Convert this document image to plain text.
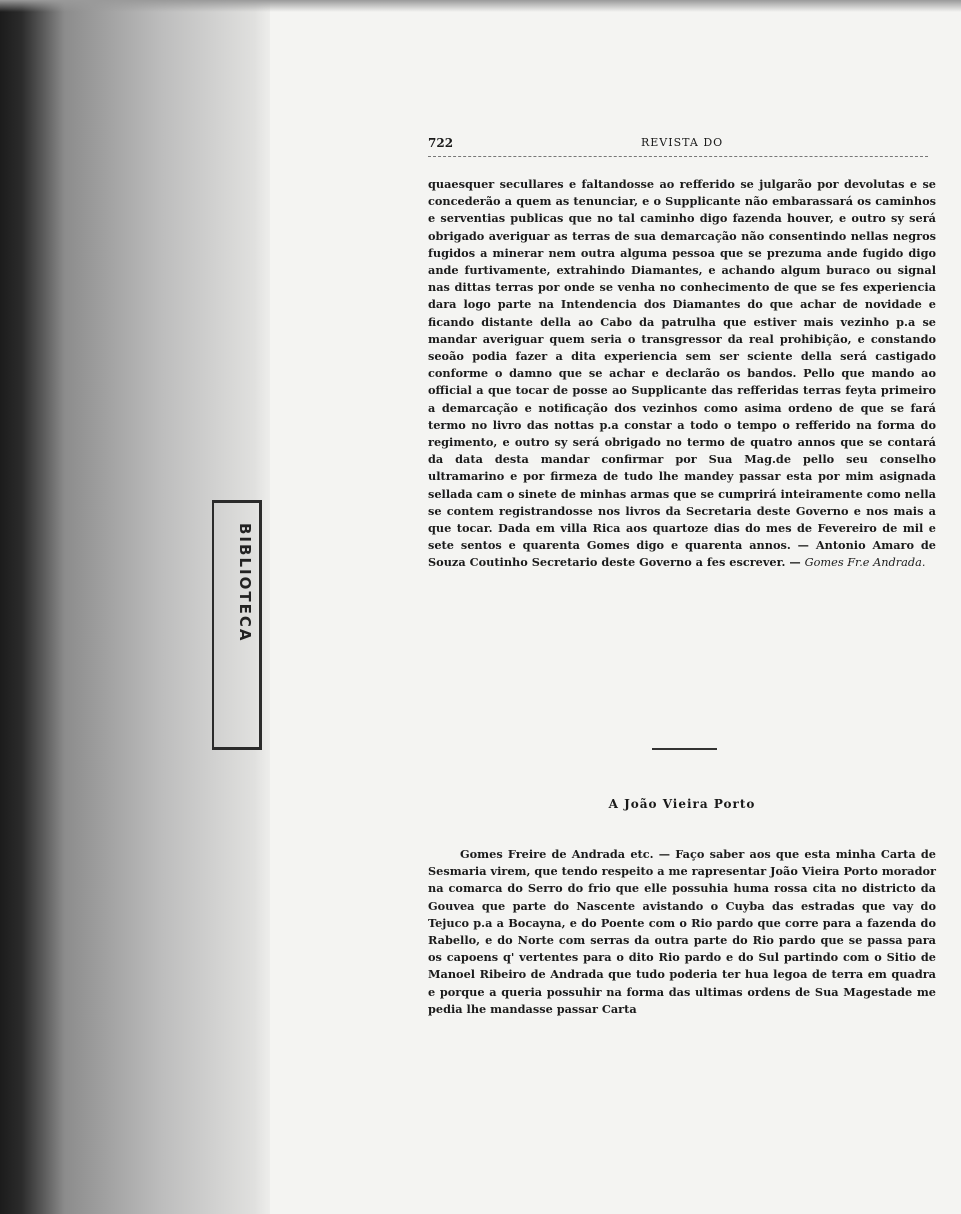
BIBLIOTECA
722	REVISTA DO

quaesquer secullares e faltandosse ao refferido se julgarão por devolutas e se concederão a quem as tenunciar, e o Supplicante não embarassará os caminhos e serventias publicas que no tal caminho digo fazenda houver, e outro sy será obrigado averiguar as terras de sua demarcação não consentindo nellas negros fugidos a minerar nem outra alguma pessoa que se prezuma ande fugido digo ande furtivamente, extrahindo Diamantes, e achando algum buraco ou signal nas dittas terras por onde se venha no conhecimento de que se fes experiencia dara logo parte na Intendencia dos Diamantes do que achar de novidade e ficando distante della ao Cabo da patrulha que estiver mais vezinho p.a se mandar averiguar quem seria o transgressor da real prohibição, e constando seoão podia fazer a dita experiencia sem ser sciente della será castigado conforme o damno que se achar e declarão os bandos. Pello que mando ao official a que tocar de posse ao Supplicante das refferidas terras feyta primeiro a demarcação e notificação dos vezinhos como asima ordeno de que se fará termo no livro das nottas p.a constar a todo o tempo o refferido na forma do regimento, e outro sy será obrigado no termo de quatro annos que se contará da data desta mandar confirmar por Sua Mag.de pello seu conselho ultramarino e por firmeza de tudo lhe mandey passar esta por mim asignada sellada cam o sinete de minhas armas que se cumprirá inteiramente como nella se contem registrandosse nos livros da Secretaria deste Governo e nos mais a que tocar. Dada em villa Rica aos quartoze dias do mes de Fevereiro de mil e sete sentos e quarenta Gomes digo e quarenta annos. — Antonio Amaro de Souza Coutinho Secretario deste Governo a fes escrever. — Gomes Fr.e Andrada.

A João Vieira Porto

Gomes Freire de Andrada etc. — Faço saber aos que esta minha Carta de Sesmaria virem, que tendo respeito a me rapresentar João Vieira Porto morador na comarca do Serro do frio que elle possuhia huma rossa cita no districto da Gouvea que parte do Nascente avistando o Cuyba das estradas que vay do Tejuco p.a a Bocayna, e do Poente com o Rio pardo que corre para a fazenda do Rabello, e do Norte com serras da outra parte do Rio pardo que se passa para os capoens q' vertentes para o dito Rio pardo e do Sul partindo com o Sitio de Manoel Ribeiro de Andrada que tudo poderia ter hua legoa de terra em quadra e porque a queria possuhir na forma das ultimas ordens de Sua Magestade me pedia lhe mandasse passar Carta
